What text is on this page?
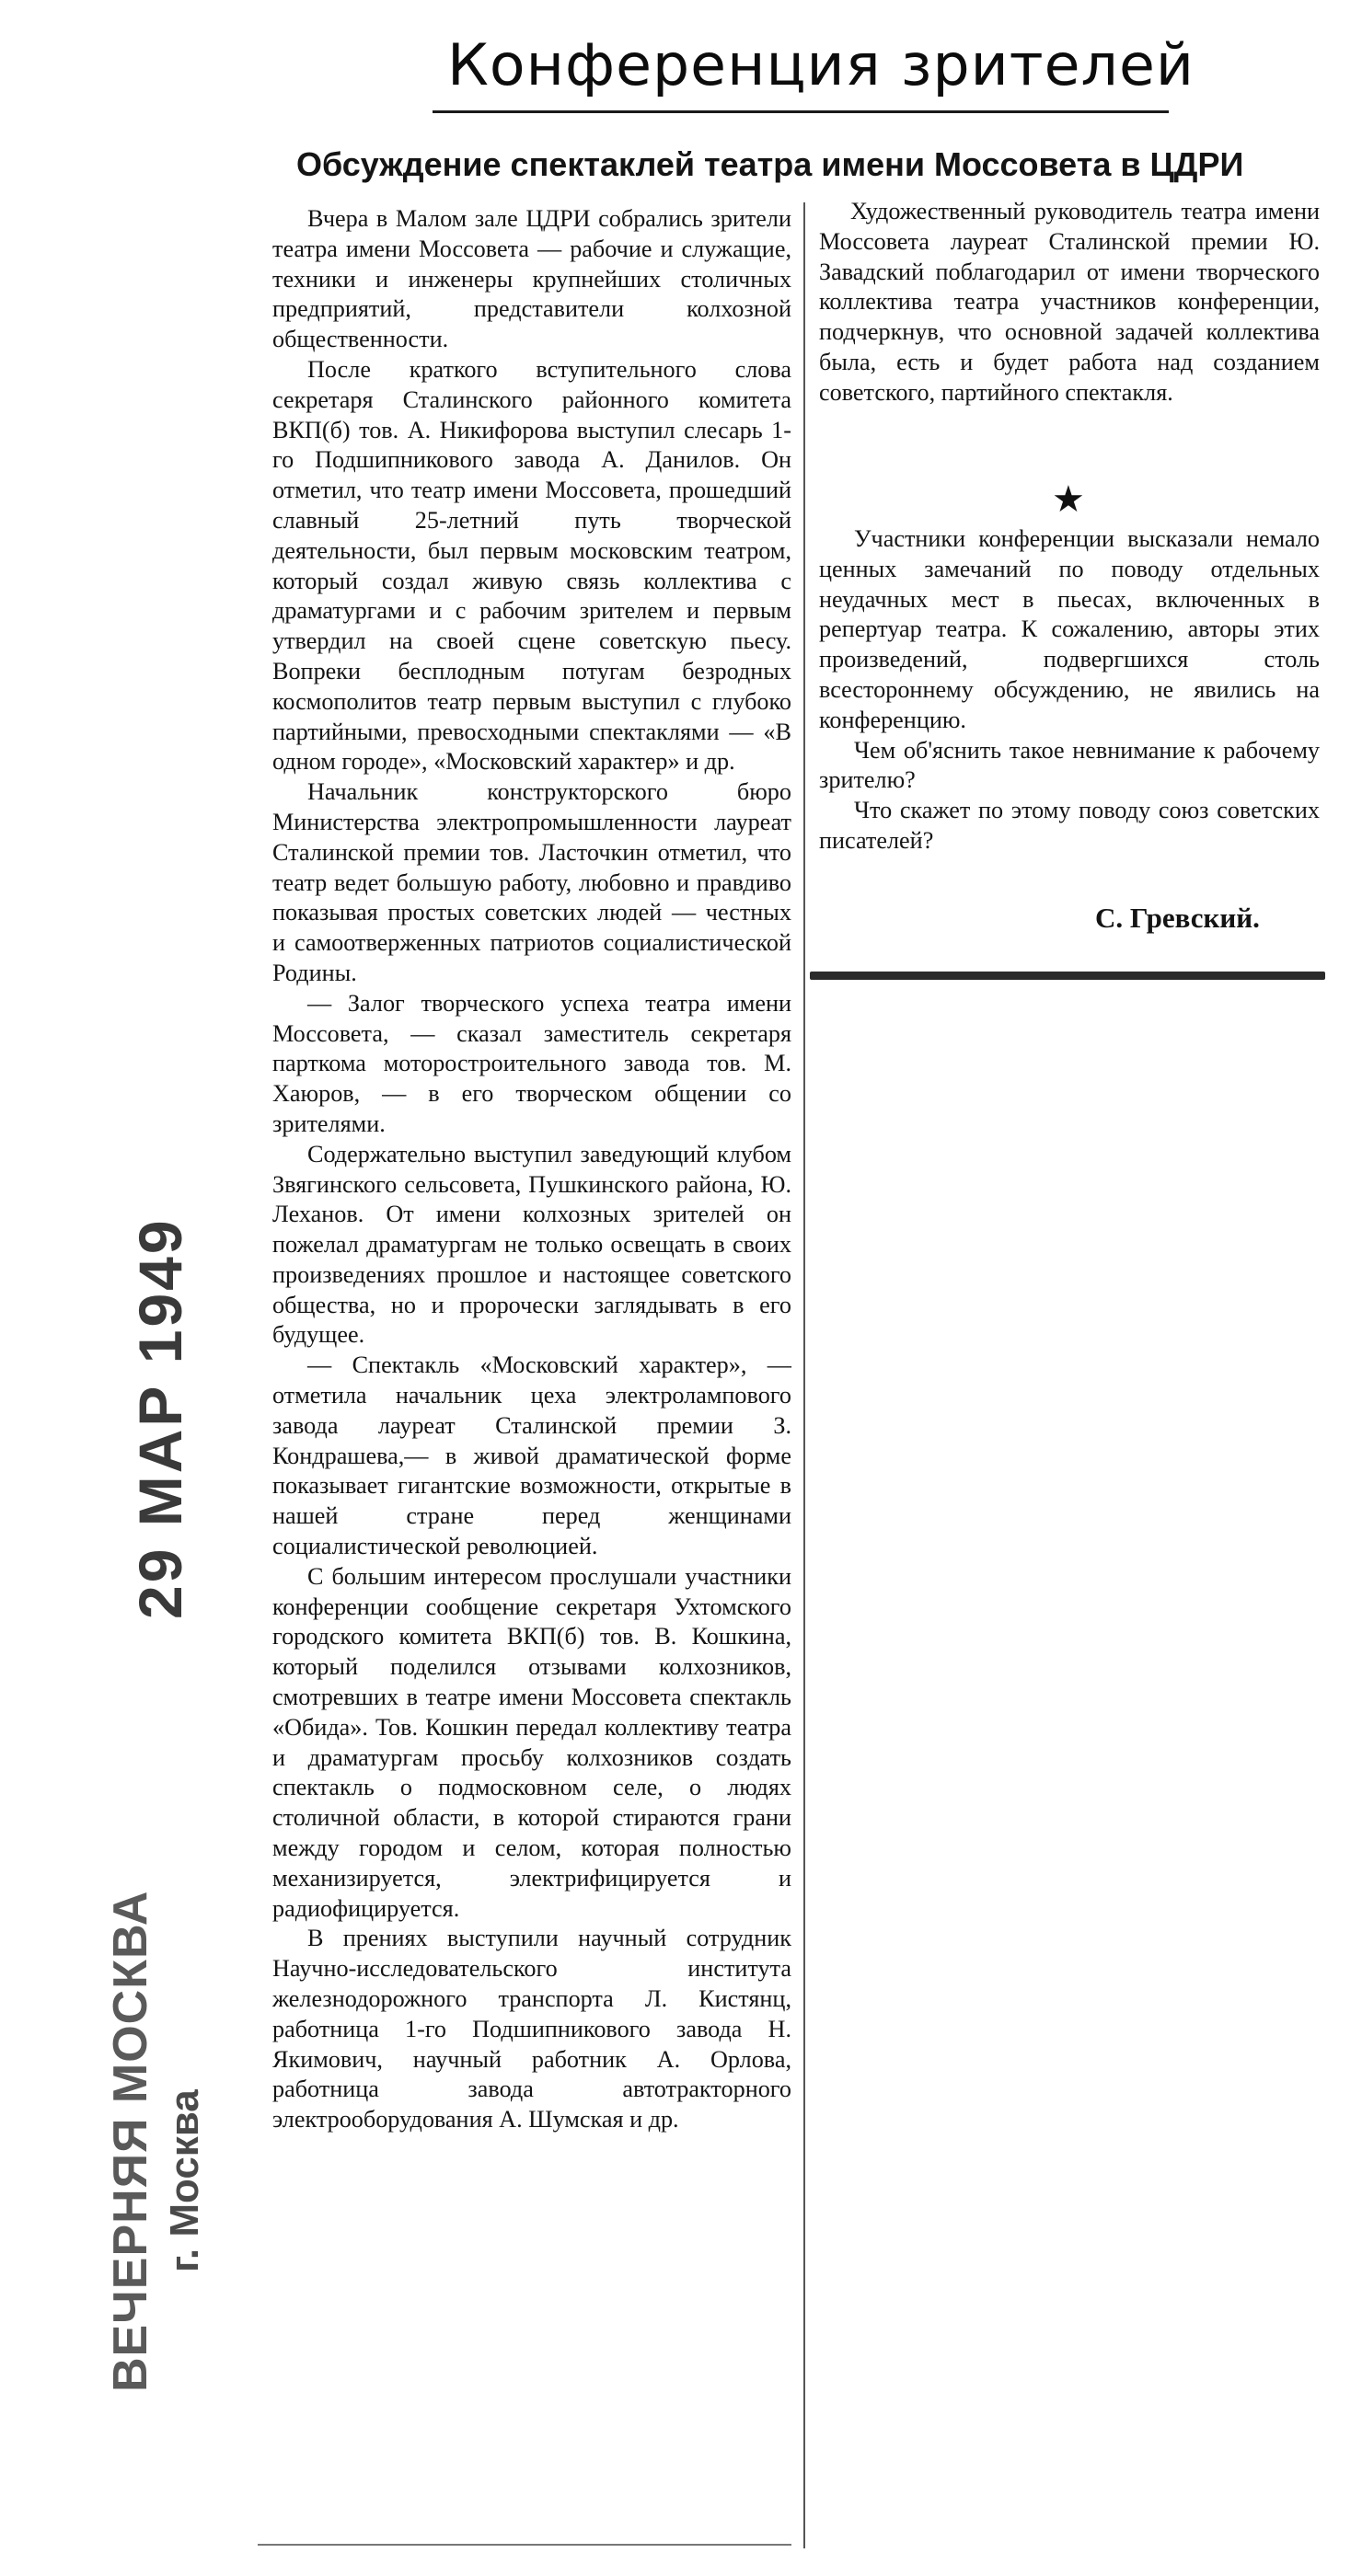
Конференция зрителей
Обсуждение спектаклей театра имени Моссовета в ЦДРИ

Вчера в Малом зале ЦДРИ собрались зрители театра имени Моссовета — рабочие и служащие, техники и инженеры крупнейших столичных предприятий, представители колхозной общественности.

После краткого вступительного слова секретаря Сталинского районного комитета ВКП(б) тов. А. Никифорова выступил слесарь 1-го Подшипникового завода А. Данилов. Он отметил, что театр имени Моссовета, прошедший славный 25-летний путь творческой деятельности, был первым московским театром, который создал живую связь коллектива с драматургами и с рабочим зрителем и первым утвердил на своей сцене советскую пьесу. Вопреки бесплодным потугам безродных космополитов театр первым выступил с глубоко партийными, превосходными спектаклями — «В одном городе», «Московский характер» и др.

Начальник конструкторского бюро Министерства электропромышленности лауреат Сталинской премии тов. Ласточкин отметил, что театр ведет большую работу, любовно и правдиво показывая простых советских людей — честных и самоотверженных патриотов социалистической Родины.

— Залог творческого успеха театра имени Моссовета, — сказал заместитель секретаря парткома моторостроительного завода тов. М. Хаюров, — в его творческом общении со зрителями.

Содержательно выступил заведующий клубом Звягинского сельсовета, Пушкинского района, Ю. Леханов. От имени колхозных зрителей он пожелал драматургам не только освещать в своих произведениях прошлое и настоящее советского общества, но и пророчески заглядывать в его будущее.

— Спектакль «Московский характер», — отметила начальник цеха электролампового завода лауреат Сталинской премии З. Кондрашева,— в живой драматической форме показывает гигантские возможности, открытые в нашей стране перед женщинами социалистической революцией.

С большим интересом прослушали участники конференции сообщение секретаря Ухтомского городского комитета ВКП(б) тов. В. Кошкина, который поделился отзывами колхозников, смотревших в театре имени Моссовета спектакль «Обида». Тов. Кошкин передал коллективу театра и драматургам просьбу колхозников создать спектакль о подмосковном селе, о людях столичной области, в которой стираются грани между городом и селом, которая полностью механизируется, электрифицируется и радиофицируется.

В прениях выступили научный сотрудник Научно-исследовательского института железнодорожного транспорта Л. Кистянц, работница 1-го Подшипникового завода Н. Якимович, научный работник А. Орлова, работница завода автотракторного электрооборудования А. Шумская и др.

Художественный руководитель театра имени Моссовета лауреат Сталинской премии Ю. Завадский поблагодарил от имени творческого коллектива театра участников конференции, подчеркнув, что основной задачей коллектива была, есть и будет работа над созданием советского, партийного спектакля.

★

Участники конференции высказали немало ценных замечаний по поводу отдельных неудачных мест в пьесах, включенных в репертуар театра. К сожалению, авторы этих произведений, подвергшихся столь всестороннему обсуждению, не явились на конференцию.

Чем об'яснить такое невнимание к рабочему зрителю?

Что скажет по этому поводу союз советских писателей?

С. Гревский.
29 МАР 1949
ВЕЧЕРНЯЯ МОСКВА г. Москва
